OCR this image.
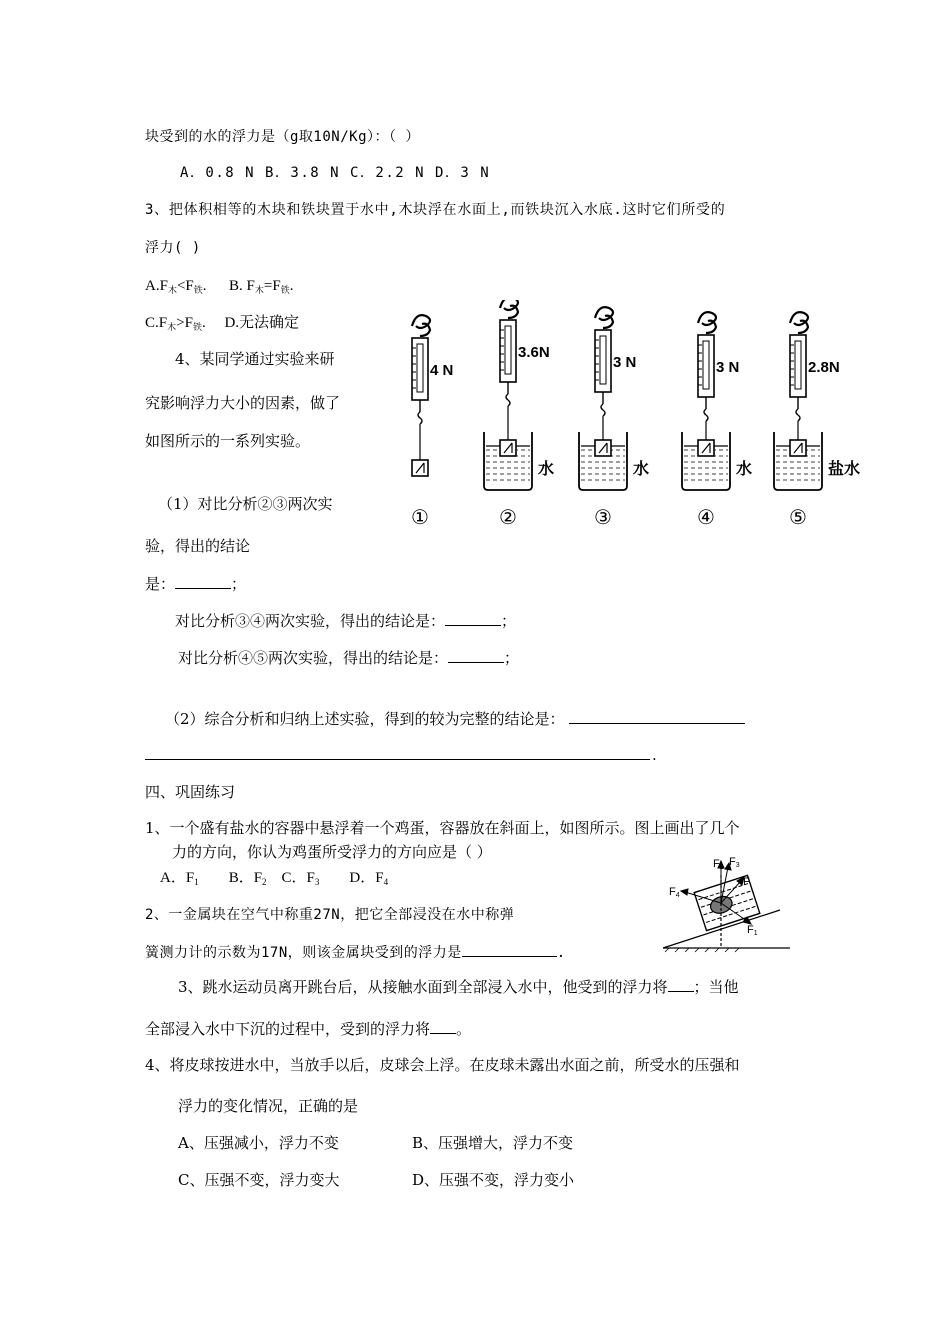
块受到的水的浮力是（g取10N/Kg）：（ ）
A．0.8 N B．3.8 N C．2.2 N D．3 N
3、把体积相等的木块和铁块置于水中,木块浮在水面上,而铁块沉入水底.这时它们所受的
浮力( )
$A.F_木<F_铁$. B. $F_木=F_铁$.
$C.F_木>F_铁$. D.无法确定
4、某同学通过实验来研
究影响浮力大小的因素，做了
如图所示的一系列实验。
（1）对比分析②③两次实
验，得出的结论
是：	；
对比分析③④两次实验，得出的结论是：	；
对比分析④⑤两次实验，得出的结论是：	；
（2）综合分析和归纳上述实验，得到的较为完整的结论是：
.
4 N
①
3.6N
水
②
3 N
水
③
3 N
水
④
2.8N
盐水
⑤
四、巩固练习
1、一个盛有盐水的容器中悬浮着一个鸡蛋，容器放在斜面上，如图所示。图上画出了几个
力的方向，你认为鸡蛋所受浮力的方向应是（ ）
A．$F_1$ B．$F_2$ C．$F_3$ D．$F_4$
F2 F3
F4
F
F1
2、一金属块在空气中称重27N，把它全部浸没在水中称弹
簧测力计的示数为17N，则该金属块受到的浮力是	.
3、跳水运动员离开跳台后，从接触水面到全部浸入水中，他受到的浮力将 ；当他
全部浸入水中下沉的过程中，受到的浮力将 。
4、将皮球按进水中，当放手以后，皮球会上浮。在皮球未露出水面之前，所受水的压强和
浮力的变化情况，正确的是
A、压强减小，浮力不变	B、压强增大，浮力不变
C、压强不变，浮力变大	D、压强不变，浮力变小
